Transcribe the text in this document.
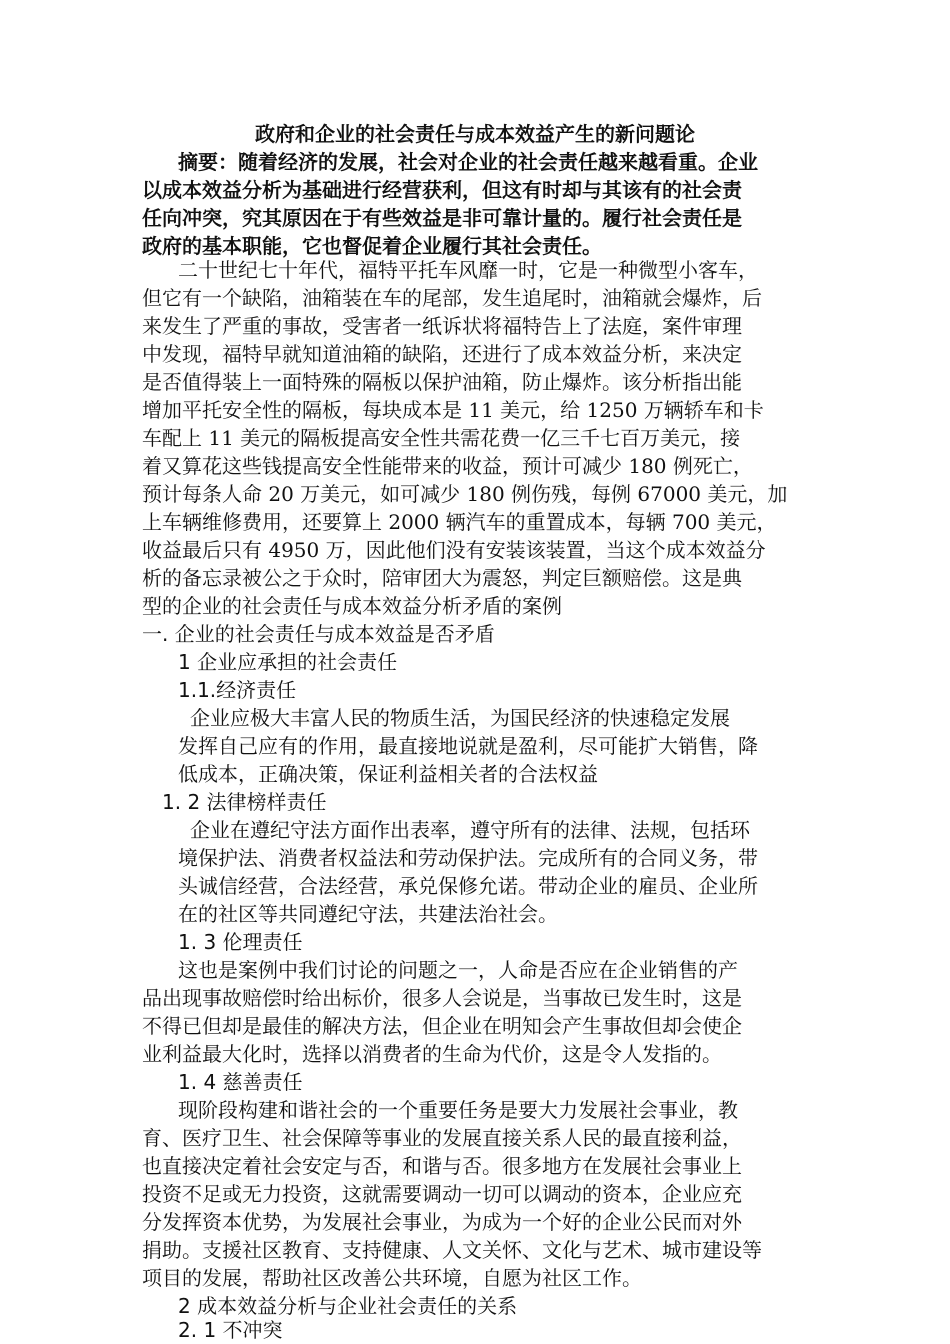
政府和企业的社会责任与成本效益产生的新问题论
摘要：随着经济的发展，社会对企业的社会责任越来越看重。企业
以成本效益分析为基础进行经营获利，但这有时却与其该有的社会责
任向冲突，究其原因在于有些效益是非可靠计量的。履行社会责任是
政府的基本职能，它也督促着企业履行其社会责任。
二十世纪七十年代，福特平托车风靡一时，它是一种微型小客车，
但它有一个缺陷，油箱装在车的尾部，发生追尾时，油箱就会爆炸，后
来发生了严重的事故，受害者一纸诉状将福特告上了法庭，案件审理
中发现，福特早就知道油箱的缺陷，还进行了成本效益分析，来决定
是否值得装上一面特殊的隔板以保护油箱，防止爆炸。该分析指出能
增加平托安全性的隔板，每块成本是 11 美元，给 1250 万辆轿车和卡
车配上 11 美元的隔板提高安全性共需花费一亿三千七百万美元，接
着又算花这些钱提高安全性能带来的收益，预计可减少 180 例死亡，
预计每条人命 20 万美元，如可减少 180 例伤残，每例 67000 美元，加
上车辆维修费用，还要算上 2000 辆汽车的重置成本，每辆 700 美元，
收益最后只有 4950 万，因此他们没有安装该装置，当这个成本效益分
析的备忘录被公之于众时，陪审团大为震怒，判定巨额赔偿。这是典
型的企业的社会责任与成本效益分析矛盾的案例
一. 企业的社会责任与成本效益是否矛盾
1 企业应承担的社会责任
1.1.经济责任
企业应极大丰富人民的物质生活，为国民经济的快速稳定发展
发挥自己应有的作用，最直接地说就是盈利，尽可能扩大销售，降
低成本，正确决策，保证利益相关者的合法权益
1. 2 法律榜样责任
企业在遵纪守法方面作出表率，遵守所有的法律、法规，包括环
境保护法、消费者权益法和劳动保护法。完成所有的合同义务，带
头诚信经营，合法经营，承兑保修允诺。带动企业的雇员、企业所
在的社区等共同遵纪守法，共建法治社会。
1. 3 伦理责任
这也是案例中我们讨论的问题之一，人命是否应在企业销售的产
品出现事故赔偿时给出标价，很多人会说是，当事故已发生时，这是
不得已但却是最佳的解决方法，但企业在明知会产生事故但却会使企
业利益最大化时，选择以消费者的生命为代价，这是令人发指的。
1. 4 慈善责任
现阶段构建和谐社会的一个重要任务是要大力发展社会事业，教
育、医疗卫生、社会保障等事业的发展直接关系人民的最直接利益，
也直接决定着社会安定与否，和谐与否。很多地方在发展社会事业上
投资不足或无力投资，这就需要调动一切可以调动的资本，企业应充
分发挥资本优势，为发展社会事业，为成为一个好的企业公民而对外
捐助。支援社区教育、支持健康、人文关怀、文化与艺术、城市建设等
项目的发展，帮助社区改善公共环境，自愿为社区工作。
2 成本效益分析与企业社会责任的关系
2. 1 不冲突
